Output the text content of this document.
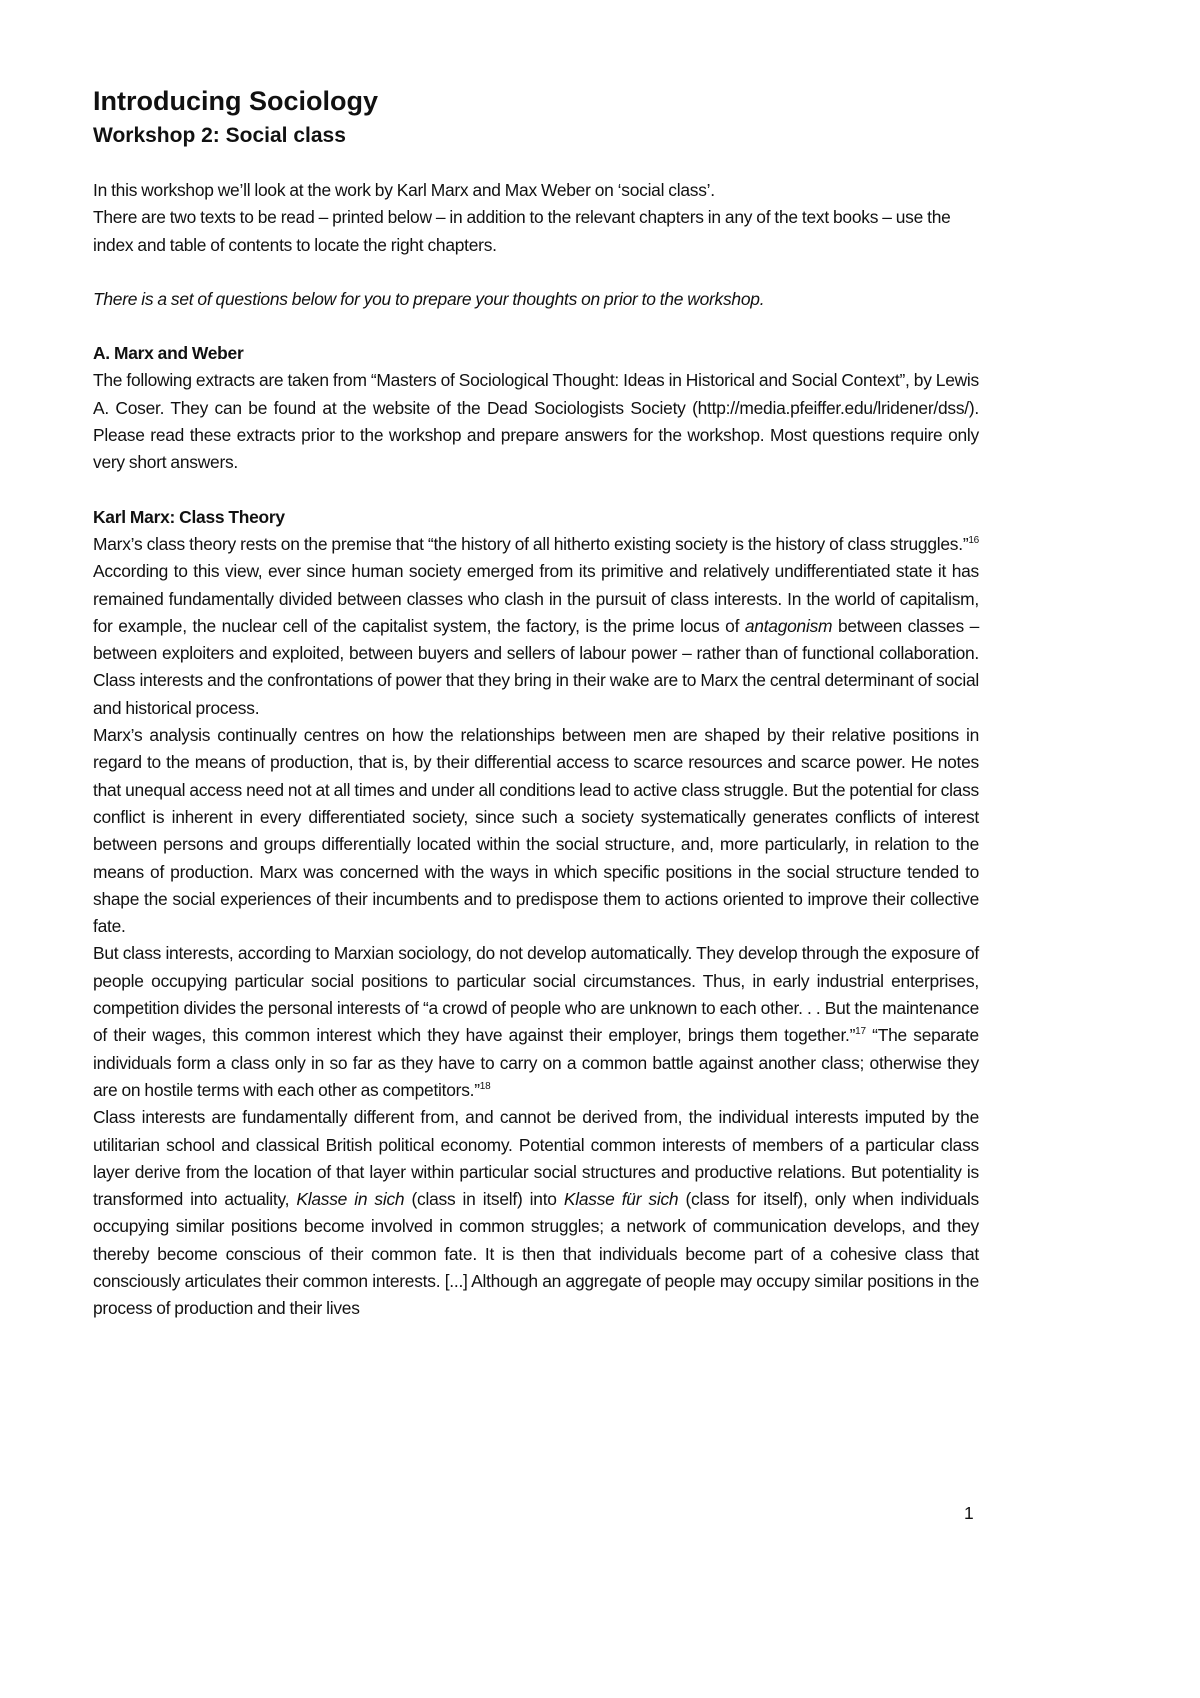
Introducing Sociology
Workshop 2: Social class

In this workshop we’ll look at the work by Karl Marx and Max Weber on ‘social class’.

There are two texts to be read – printed below – in addition to the relevant chapters in any of the text books – use the index and table of contents to locate the right chapters.

There is a set of questions below for you to prepare your thoughts on prior to the workshop.

A. Marx and Weber

The following extracts are taken from “Masters of Sociological Thought: Ideas in Historical and Social Context”, by Lewis A. Coser. They can be found at the website of the Dead Sociologists Society (http://media.pfeiffer.edu/lridener/dss/). Please read these extracts prior to the workshop and prepare answers for the workshop. Most questions require only very short answers.

Karl Marx: Class Theory

Marx’s class theory rests on the premise that “the history of all hitherto existing society is the history of class struggles.”$^{16}$ According to this view, ever since human society emerged from its primitive and relatively undifferentiated state it has remained fundamentally divided between classes who clash in the pursuit of class interests. In the world of capitalism, for example, the nuclear cell of the capitalist system, the factory, is the prime locus of antagonism between classes – between exploiters and exploited, between buyers and sellers of labour power – rather than of functional collaboration. Class interests and the confrontations of power that they bring in their wake are to Marx the central determinant of social and historical process.

Marx’s analysis continually centres on how the relationships between men are shaped by their relative positions in regard to the means of production, that is, by their differential access to scarce resources and scarce power. He notes that unequal access need not at all times and under all conditions lead to active class struggle. But the potential for class conflict is inherent in every differentiated society, since such a society systematically generates conflicts of interest between persons and groups differentially located within the social structure, and, more particularly, in relation to the means of production. Marx was concerned with the ways in which specific positions in the social structure tended to shape the social experiences of their incumbents and to predispose them to actions oriented to improve their collective fate.

But class interests, according to Marxian sociology, do not develop automatically. They develop through the exposure of people occupying particular social positions to particular social circumstances. Thus, in early industrial enterprises, competition divides the personal interests of “a crowd of people who are unknown to each other. . . But the maintenance of their wages, this common interest which they have against their employer, brings them together.”$^{17}$ “The separate individuals form a class only in so far as they have to carry on a common battle against another class; otherwise they are on hostile terms with each other as competitors.”$^{18}$

Class interests are fundamentally different from, and cannot be derived from, the individual interests imputed by the utilitarian school and classical British political economy. Potential common interests of members of a particular class layer derive from the location of that layer within particular social structures and productive relations. But potentiality is transformed into actuality, Klasse in sich (class in itself) into Klasse für sich (class for itself), only when individuals occupying similar positions become involved in common struggles; a network of communication develops, and they thereby become conscious of their common fate. It is then that individuals become part of a cohesive class that consciously articulates their common interests. [...] Although an aggregate of people may occupy similar positions in the process of production and their lives

1
